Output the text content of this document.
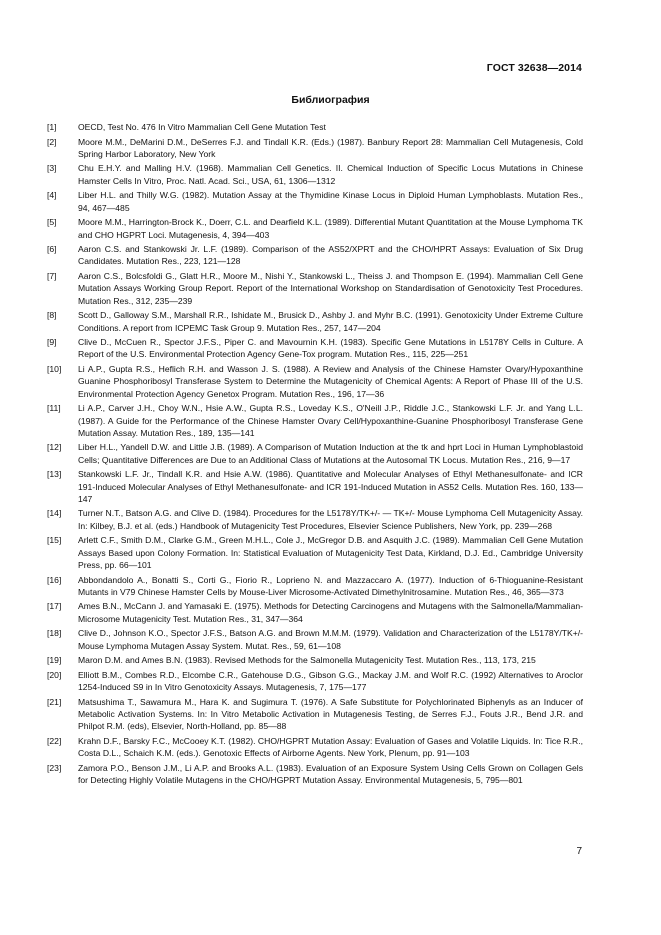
ГОСТ 32638—2014
Библиография
[1]	OECD, Test No. 476 In Vitro Mammalian Cell Gene Mutation Test
[2]	Moore M.M., DeMarini D.M., DeSerres F.J. and Tindall K.R. (Eds.) (1987). Banbury Report 28: Mammalian Cell Mutagenesis, Cold Spring Harbor Laboratory, New York
[3]	Chu E.H.Y. and Malling H.V. (1968). Mammalian Cell Genetics. II. Chemical Induction of Specific Locus Mutations in Chinese Hamster Cells In Vitro, Proc. Natl. Acad. Sci., USA, 61, 1306—1312
[4]	Liber H.L. and Thilly W.G. (1982). Mutation Assay at the Thymidine Kinase Locus in Diploid Human Lymphoblasts. Mutation Res., 94, 467—485
[5]	Moore M.M., Harrington-Brock K., Doerr, C.L. and Dearfield K.L. (1989). Differential Mutant Quantitation at the Mouse Lymphoma TK and CHO HGPRT Loci. Mutagenesis, 4, 394—403
[6]	Aaron C.S. and Stankowski Jr. L.F. (1989). Comparison of the AS52/XPRT and the CHO/HPRT Assays: Evaluation of Six Drug Candidates. Mutation Res., 223, 121—128
[7]	Aaron C.S., Bolcsfoldi G., Glatt H.R., Moore M., Nishi Y., Stankowski L., Theiss J. and Thompson E. (1994). Mammalian Cell Gene Mutation Assays Working Group Report. Report of the International Workshop on Standardisation of Genotoxicity Test Procedures. Mutation Res., 312, 235—239
[8]	Scott D., Galloway S.M., Marshall R.R., Ishidate M., Brusick D., Ashby J. and Myhr B.C. (1991). Genotoxicity Under Extreme Culture Conditions. A report from ICPEMC Task Group 9. Mutation Res., 257, 147—204
[9]	Clive D., McCuen R., Spector J.F.S., Piper C. and Mavournin K.H. (1983). Specific Gene Mutations in L5178Y Cells in Culture. A Report of the U.S. Environmental Protection Agency Gene-Tox program. Mutation Res., 115, 225—251
[10]	Li A.P., Gupta R.S., Heflich R.H. and Wasson J. S. (1988). A Review and Analysis of the Chinese Hamster Ovary/Hypoxanthine Guanine Phosphoribosyl Transferase System to Determine the Mutagenicity of Chemical Agents: A Report of Phase III of the U.S. Environmental Protection Agency Genetox Program. Mutation Res., 196, 17—36
[11]	Li A.P., Carver J.H., Choy W.N., Hsie A.W., Gupta R.S., Loveday K.S., O'Neill J.P., Riddle J.C., Stankowski L.F. Jr. and Yang L.L. (1987). A Guide for the Performance of the Chinese Hamster Ovary Cell/Hypoxanthine-Guanine Phosphoribosyl Transferase Gene Mutation Assay. Mutation Res., 189, 135—141
[12]	Liber H.L., Yandell D.W. and Little J.B. (1989). A Comparison of Mutation Induction at the tk and hprt Loci in Human Lymphoblastoid Cells; Quantitative Differences are Due to an Additional Class of Mutations at the Autosomal TK Locus. Mutation Res., 216, 9—17
[13]	Stankowski L.F. Jr., Tindall K.R. and Hsie A.W. (1986). Quantitative and Molecular Analyses of Ethyl Methanesulfonate- and ICR 191-Induced Molecular Analyses of Ethyl Methanesulfonate- and ICR 191-Induced Mutation in AS52 Cells. Mutation Res. 160, 133—147
[14]	Turner N.T., Batson A.G. and Clive D. (1984). Procedures for the L5178Y/TK+/- — TK+/- Mouse Lymphoma Cell Mutagenicity Assay. In: Kilbey, B.J. et al. (eds.) Handbook of Mutagenicity Test Procedures, Elsevier Science Publishers, New York, pp. 239—268
[15]	Arlett C.F., Smith D.M., Clarke G.M., Green M.H.L., Cole J., McGregor D.B. and Asquith J.C. (1989). Mammalian Cell Gene Mutation Assays Based upon Colony Formation. In: Statistical Evaluation of Mutagenicity Test Data, Kirkland, D.J. Ed., Cambridge University Press, pp. 66—101
[16]	Abbondandolo A., Bonatti S., Corti G., Fiorio R., Loprieno N. and Mazzaccaro A. (1977). Induction of 6-Thioguanine-Resistant Mutants in V79 Chinese Hamster Cells by Mouse-Liver Microsome-Activated Dimethylnitrosamine. Mutation Res., 46, 365—373
[17]	Ames B.N., McCann J. and Yamasaki E. (1975). Methods for Detecting Carcinogens and Mutagens with the Salmonella/Mammalian-Microsome Mutagenicity Test. Mutation Res., 31, 347—364
[18]	Clive D., Johnson K.O., Spector J.F.S., Batson A.G. and Brown M.M.M. (1979). Validation and Characterization of the L5178Y/TK+/- Mouse Lymphoma Mutagen Assay System. Mutat. Res., 59, 61—108
[19]	Maron D.M. and Ames B.N. (1983). Revised Methods for the Salmonella Mutagenicity Test. Mutation Res., 113, 173, 215
[20]	Elliott B.M., Combes R.D., Elcombe C.R., Gatehouse D.G., Gibson G.G., Mackay J.M. and Wolf R.C. (1992) Alternatives to Aroclor 1254-Induced S9 in In Vitro Genotoxicity Assays. Mutagenesis, 7, 175—177
[21]	Matsushima T., Sawamura M., Hara K. and Sugimura T. (1976). A Safe Substitute for Polychlorinated Biphenyls as an Inducer of Metabolic Activation Systems. In: In Vitro Metabolic Activation in Mutagenesis Testing, de Serres F.J., Fouts J.R., Bend J.R. and Philpot R.M. (eds), Elsevier, North-Holland, pp. 85—88
[22]	Krahn D.F., Barsky F.C., McCooey K.T. (1982). CHO/HGPRT Mutation Assay: Evaluation of Gases and Volatile Liquids. In: Tice R.R., Costa D.L., Schaich K.M. (eds.). Genotoxic Effects of Airborne Agents. New York, Plenum, pp. 91—103
[23]	Zamora P.O., Benson J.M., Li A.P. and Brooks A.L. (1983). Evaluation of an Exposure System Using Cells Grown on Collagen Gels for Detecting Highly Volatile Mutagens in the CHO/HGPRT Mutation Assay. Environmental Mutagenesis, 5, 795—801
7
